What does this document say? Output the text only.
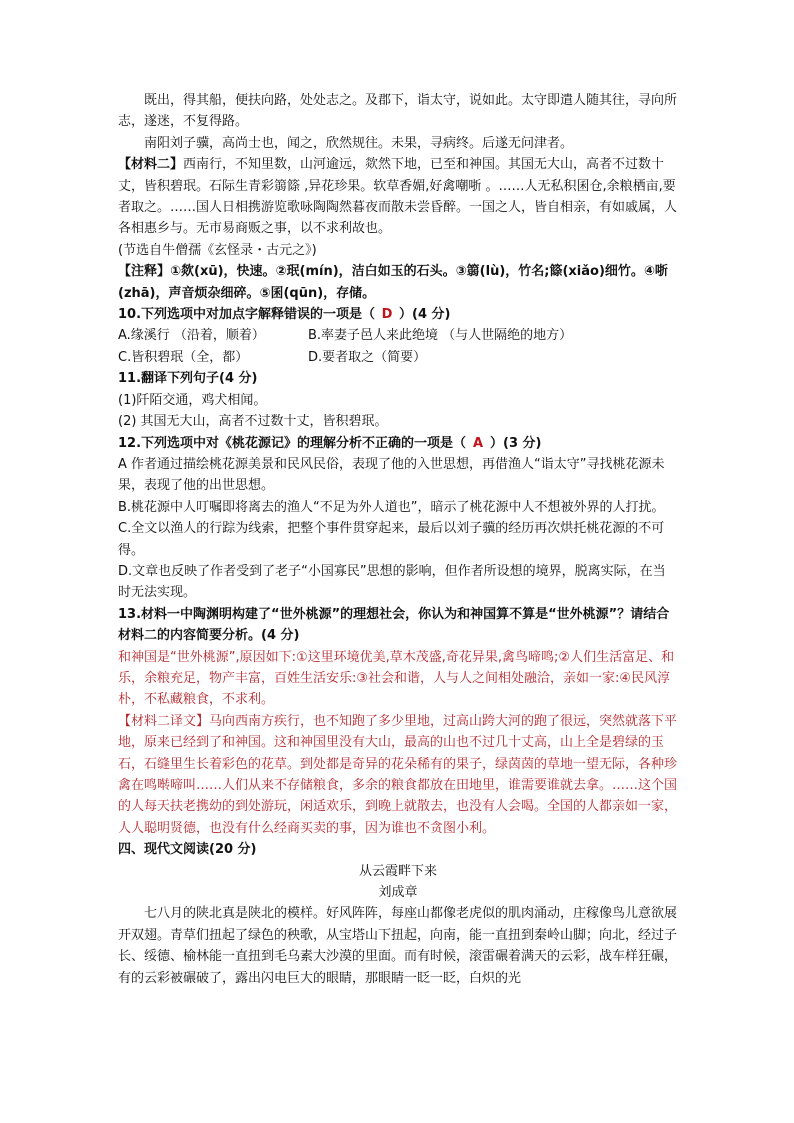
既出，得其船，便扶向路，处处志之。及郡下，诣太守，说如此。太守即遣人随其往，寻向所志，遂迷，不复得路。

南阳刘子骥，高尚士也，闻之，欣然规往。未果，寻病终。后遂无问津者。

【材料二】西南行，不知里数，山河逾远，欻然下地，已至和神国。其国无大山，高者不过数十丈，皆积碧珉。石际生青彩篛篨 ,异花珍果。软草香媚,好禽嘲哳 。……人无私积囷仓,余粮栖亩,要者取之。……国人日相携游览歌咏陶陶然暮夜而散未尝昏醉。一国之人，皆自相亲，有如戚属，人各相惠乡与。无市易商贩之事，以不求利故也。

(节选自牛僧孺《玄怪录・古元之》)

【注释】①欻(xū)，快速。②珉(mín)，洁白如玉的石头。③篛(lù)，竹名;篨(xiǎo)细竹。④哳(zhā)，声音烦杂细碎。⑤囷(qūn)，存储。

10.下列选项中对加点字解释错误的一项是（ D ）(4 分)

A.缘溪行 （沿着，顺着）	B.率妻子邑人来此绝境 （与人世隔绝的地方）
C.皆积碧珉（全，都）	D.要者取之（简要）

11.翻译下列句子(4 分)

(1)阡陌交通，鸡犬相闻。

(2) 其国无大山，高者不过数十丈，皆积碧珉。

12.下列选项中对《桃花源记》的理解分析不正确的一项是（ A ）(3 分)

A 作者通过描绘桃花源美景和民风民俗，表现了他的入世思想，再借渔人“诣太守”寻找桃花源未果，表现了他的出世思想。

B.桃花源中人叮嘱即将离去的渔人“不足为外人道也”，暗示了桃花源中人不想被外界的人打扰。

C.全文以渔人的行踪为线索，把整个事件贯穿起来，最后以刘子骥的经历再次烘托桃花源的不可得。

D.文章也反映了作者受到了老子“小国寡民”思想的影响，但作者所设想的境界，脱离实际，在当时无法实现。

13.材料一中陶渊明构建了“世外桃源”的理想社会，你认为和神国算不算是“世外桃源”？请结合材料二的内容简要分析。(4 分)

和神国是“世外桃源”,原因如下:①这里环境优美,草木茂盛,奇花异果,禽鸟啼鸣;②人们生活富足、和乐，余粮充足，物产丰富，百姓生活安乐:③社会和谐，人与人之间相处融洽，亲如一家:④民风淳朴，不私藏粮食，不求利。

【材料二译文】马向西南方疾行，也不知跑了多少里地，过高山跨大河的跑了很远，突然就落下平地，原来已经到了和神国。这和神国里没有大山，最高的山也不过几十丈高，山上全是碧绿的玉石，石缝里生长着彩色的花草。到处都是奇异的花朵稀有的果子，绿茵茵的草地一望无际，各种珍禽在鸣啭啼叫……人们从来不存储粮食，多余的粮食都放在田地里，谁需要谁就去拿。……这个国的人每天扶老携幼的到处游玩，闲适欢乐，到晚上就散去，也没有人会喝。全国的人都亲如一家，人人聪明贤德，也没有什么经商买卖的事，因为谁也不贪图小利。

四、现代文阅读(20 分)

从云霞畔下来

刘成章

七八月的陕北真是陕北的模样。好风阵阵，每座山都像老虎似的肌肉涌动，庄稼像鸟儿意欲展开双翅。青草们扭起了绿色的秧歌，从宝塔山下扭起，向南，能一直扭到秦岭山脚；向北，经过子长、绥德、榆林能一直扭到毛乌素大沙漠的里面。而有时候，滚雷碾着满天的云彩，战车样狂碾，有的云彩被碾破了，露出闪电巨大的眼睛，那眼睛一眨一眨，白炽的光
